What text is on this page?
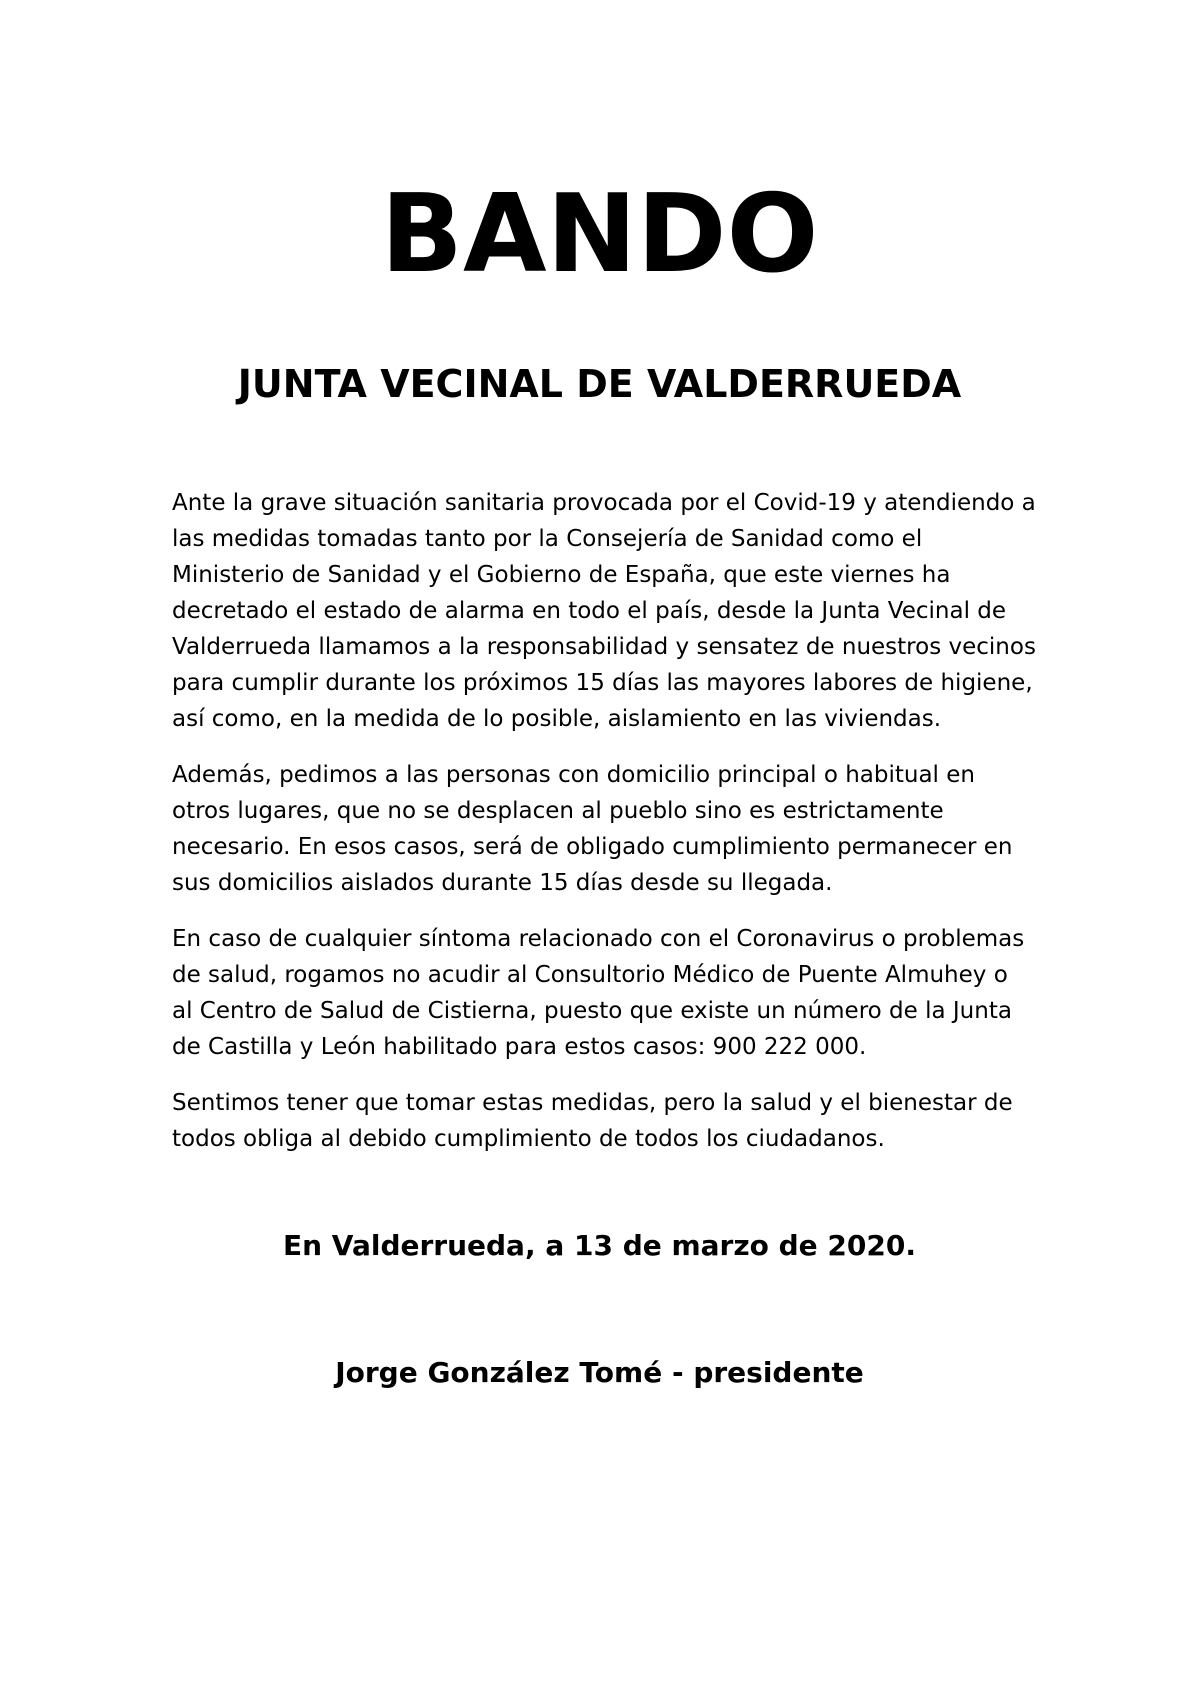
BANDO
JUNTA VECINAL DE VALDERRUEDA

Ante la grave situación sanitaria provocada por el Covid-19 y atendiendo a
las medidas tomadas tanto por la Consejería de Sanidad como el
Ministerio de Sanidad y el Gobierno de España, que este viernes ha
decretado el estado de alarma en todo el país, desde la Junta Vecinal de
Valderrueda llamamos a la responsabilidad y sensatez de nuestros vecinos
para cumplir durante los próximos 15 días las mayores labores de higiene,
así como, en la medida de lo posible, aislamiento en las viviendas.

Además, pedimos a las personas con domicilio principal o habitual en
otros lugares, que no se desplacen al pueblo sino es estrictamente
necesario. En esos casos, será de obligado cumplimiento permanecer en
sus domicilios aislados durante 15 días desde su llegada.

En caso de cualquier síntoma relacionado con el Coronavirus o problemas
de salud, rogamos no acudir al Consultorio Médico de Puente Almuhey o
al Centro de Salud de Cistierna, puesto que existe un número de la Junta
de Castilla y León habilitado para estos casos: 900 222 000.

Sentimos tener que tomar estas medidas, pero la salud y el bienestar de
todos obliga al debido cumplimiento de todos los ciudadanos.

En Valderrueda, a 13 de marzo de 2020.
Jorge González Tomé - presidente
